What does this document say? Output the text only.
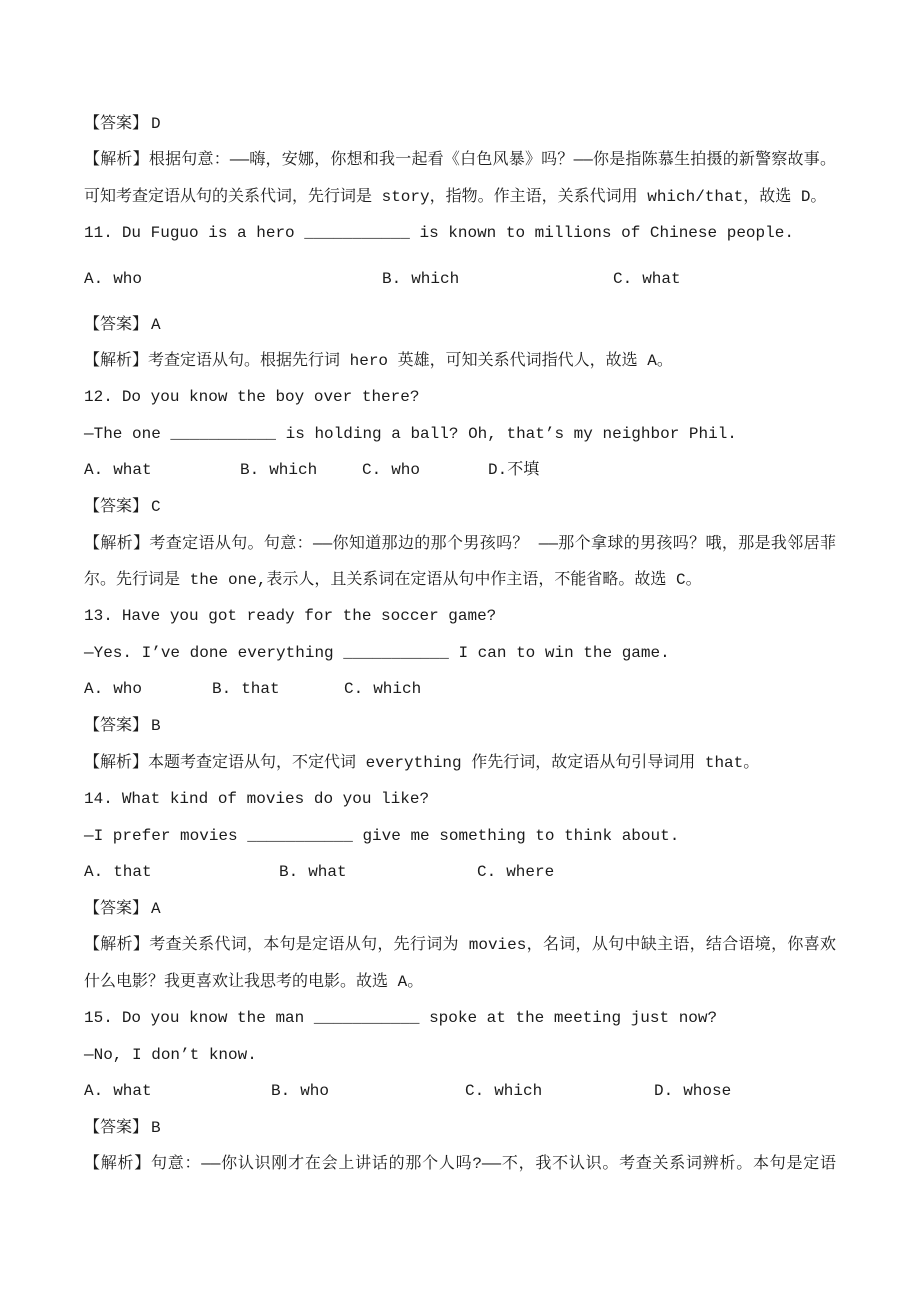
【答案】 D

【解析】根据句意：——嗨，安娜，你想和我一起看《白色风暴》吗？——你是指陈慕生拍摄的新警察故事。可知考查定语从句的关系代词，先行词是 story，指物。作主语，关系代词用 which/that，故选 D。

11. Du Fuguo is a hero ___________ is known to millions of Chinese people.

A. who	B. which	C. what

【答案】 A

【解析】考查定语从句。根据先行词 hero 英雄，可知关系代词指代人，故选 A。

12. Do you know the boy over there?

—The one ___________ is holding a ball? Oh, that’s my neighbor Phil.

A. what	B. which	C. who	D.不填

【答案】 C

【解析】考查定语从句。句意：——你知道那边的那个男孩吗？ ——那个拿球的男孩吗？哦，那是我邻居菲尔。先行词是 the one,表示人，且关系词在定语从句中作主语，不能省略。故选 C。

13. Have you got ready for the soccer game?

—Yes. I’ve done everything ___________ I can to win the game.

A. who	B. that	C. which

【答案】 B

【解析】本题考查定语从句，不定代词 everything 作先行词，故定语从句引导词用 that。

14. What kind of movies do you like?

—I prefer movies ___________ give me something to think about.

A. that	B. what	C. where

【答案】 A

【解析】考查关系代词，本句是定语从句，先行词为 movies，名词，从句中缺主语，结合语境，你喜欢什么电影？我更喜欢让我思考的电影。故选 A。

15. Do you know the man ___________ spoke at the meeting just now?

—No, I don’t know.

A. what	B. who	C. which	D. whose

【答案】 B

【解析】句意：——你认识刚才在会上讲话的那个人吗?——不，我不认识。考查关系词辨析。本句是定语
